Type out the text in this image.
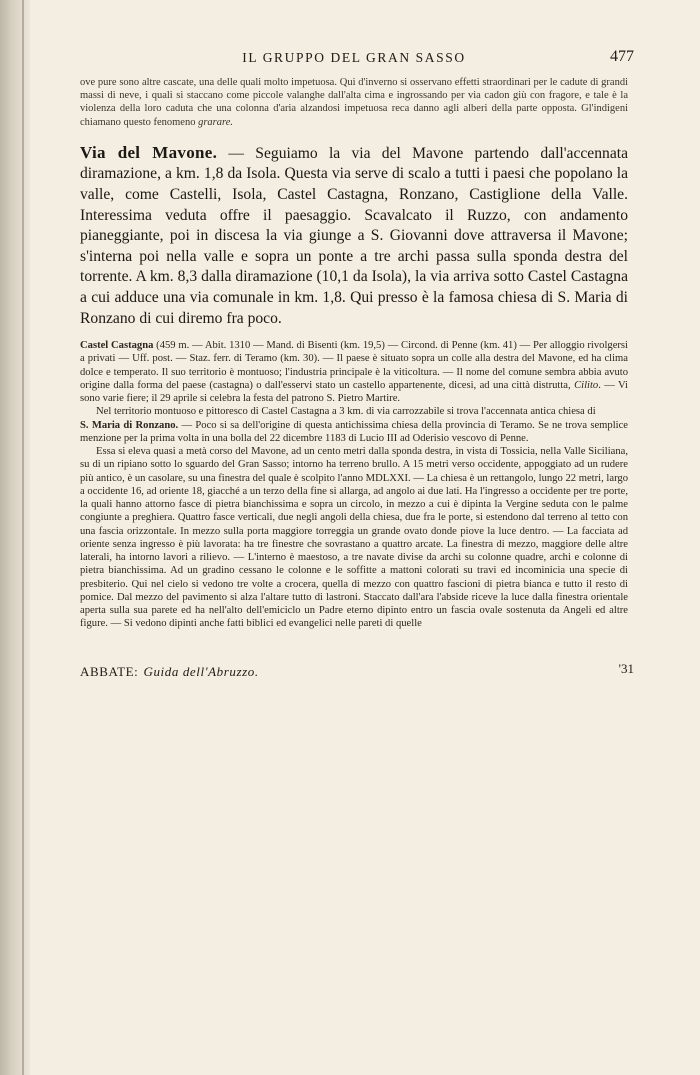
IL GRUPPO DEL GRAN SASSO	477

ove pure sono altre cascate, una delle quali molto impetuosa. Qui d'inverno si osservano effetti straordinari per le cadute di grandi massi di neve, i quali si staccano come piccole valanghe dall'alta cima e ingrossando per via cadon giù con fragore, e tale è la violenza della loro caduta che una colonna d'aria alzandosi impetuosa reca danno agli alberi della parte opposta. Gl'indigeni chiamano questo fenomeno grarare.

Via del Mavone. — Seguiamo la via del Mavone partendo dall'accennata diramazione, a km. 1,8 da Isola. Questa via serve di scalo a tutti i paesi che popolano la valle, come Castelli, Isola, Castel Castagna, Ronzano, Castiglione della Valle. Interessima veduta offre il paesaggio. Scavalcato il Ruzzo, con andamento pianeggiante, poi in discesa la via giunge a S. Giovanni dove attraversa il Mavone; s'interna poi nella valle e sopra un ponte a tre archi passa sulla sponda destra del torrente. A km. 8,3 dalla diramazione (10,1 da Isola), la via arriva sotto Castel Castagna a cui adduce una via comunale in km. 1,8. Qui presso è la famosa chiesa di S. Maria di Ronzano di cui diremo fra poco.

Castel Castagna (459 m. — Abit. 1310 — Mand. di Bisenti (km. 19,5) — Circond. di Penne (km. 41) — Per alloggio rivolgersi a privati — Uff. post. — Staz. ferr. di Teramo (km. 30). — Il paese è situato sopra un colle alla destra del Mavone, ed ha clima dolce e temperato. Il suo territorio è montuoso; l'industria principale è la viticoltura. — Il nome del comune sembra abbia avuto origine dalla forma del paese (castagna) o dall'esservi stato un castello appartenente, dicesi, ad una città distrutta, Cilito. — Vi sono varie fiere; il 29 aprile si celebra la festa del patrono S. Pietro Martire.

Nel territorio montuoso e pittoresco di Castel Castagna a 3 km. di via carrozzabile si trova l'accennata antica chiesa di

S. Maria di Ronzano. — Poco si sa dell'origine di questa antichissima chiesa della provincia di Teramo. Se ne trova semplice menzione per la prima volta in una bolla del 22 dicembre 1183 di Lucio III ad Oderisio vescovo di Penne.

Essa si eleva quasi a metà corso del Mavone, ad un cento metri dalla sponda destra, in vista di Tossicia, nella Valle Siciliana, su di un ripiano sotto lo sguardo del Gran Sasso; intorno ha terreno brullo. A 15 metri verso occidente, appoggiato ad un rudere più antico, è un casolare, su una finestra del quale è scolpito l'anno MDLXXI. — La chiesa è un rettangolo, lungo 22 metri, largo a occidente 16, ad oriente 18, giacché a un terzo della fine si allarga, ad angolo ai due lati. Ha l'ingresso a occidente per tre porte, la quali hanno attorno fasce di pietra bianchissima e sopra un circolo, in mezzo a cui è dipinta la Vergine seduta con le palme congiunte a preghiera. Quattro fasce verticali, due negli angoli della chiesa, due fra le porte, si estendono dal terreno al tetto con una fascia orizzontale. In mezzo sulla porta maggiore torreggia un grande ovato donde piove la luce dentro. — La facciata ad oriente senza ingresso è più lavorata: ha tre finestre che sovrastano a quattro arcate. La finestra di mezzo, maggiore delle altre laterali, ha intorno lavori a rilievo. — L'interno è maestoso, a tre navate divise da archi su colonne quadre, archi e colonne di pietra bianchissima. Ad un gradino cessano le colonne e le soffitte a mattoni colorati su travi ed incominicia una specie di presbiterio. Qui nel cielo si vedono tre volte a crocera, quella di mezzo con quattro fascioni di pietra bianca e tutto il resto di pomice. Dal mezzo del pavimento si alza l'altare tutto di lastroni. Staccato dall'ara l'abside riceve la luce dalla finestra orientale aperta sulla sua parete ed ha nell'alto dell'emiciclo un Padre eterno dipinto entro un fascia ovale sostenuta da Angeli ed altre figure. — Si vedono dipinti anche fatti biblici ed evangelici nelle pareti di quelle

ABBATE: Guida dell'Abruzzo.	'31
